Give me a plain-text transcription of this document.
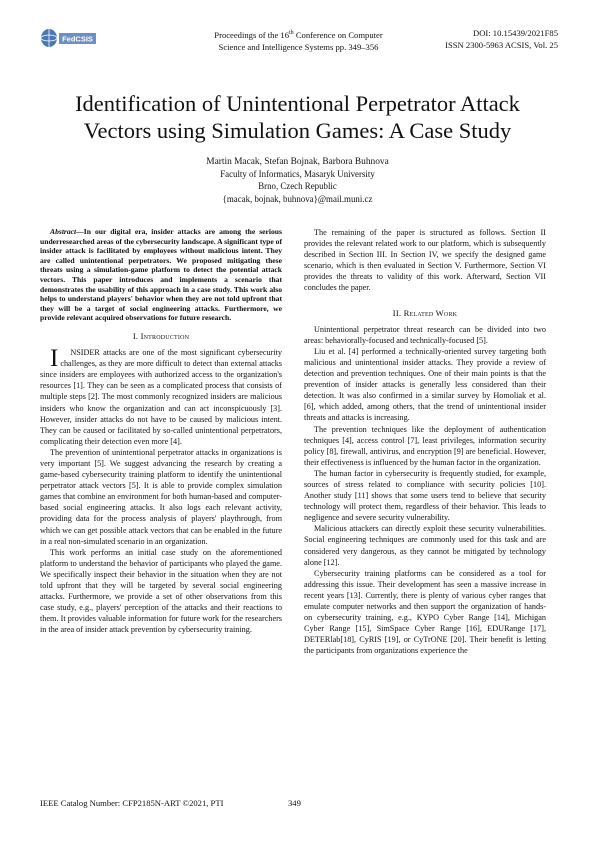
FedCSIS	Proceedings of the 16th Conference on Computer
Science and Intelligence Systems pp. 349–356
DOI: 10.15439/2021F85
ISSN 2300-5963 ACSIS, Vol. 25
Identification of Unintentional Perpetrator Attack
Vectors using Simulation Games: A Case Study
Martin Macak, Stefan Bojnak, Barbora Buhnova
Faculty of Informatics, Masaryk University
Brno, Czech Republic
{macak, bojnak, buhnova}@mail.muni.cz

Abstract—In our digital era, insider attacks are among the serious underresearched areas of the cybersecurity landscape. A significant type of insider attack is facilitated by employees without malicious intent. They are called unintentional perpetrators. We proposed mitigating these threats using a simulation-game platform to detect the potential attack vectors. This paper introduces and implements a scenario that demonstrates the usability of this approach in a case study. This work also helps to understand players' behavior when they are not told upfront that they will be a target of social engineering attacks. Furthermore, we provide relevant acquired observations for future research.

I. Introduction

I NSIDER attacks are one of the most significant cybersecurity challenges, as they are more difficult to detect than external attacks since insiders are employees with authorized access to the organization's resources [1]. They can be seen as a complicated process that consists of multiple steps [2]. The most commonly recognized insiders are malicious insiders who know the organization and can act inconspicuously [3]. However, insider attacks do not have to be caused by malicious intent. They can be caused or facilitated by so-called unintentional perpetrators, complicating their detection even more [4].

The prevention of unintentional perpetrator attacks in organizations is very important [5]. We suggest advancing the research by creating a game-based cybersecurity training platform to identify the unintentional perpetrator attack vectors [5]. It is able to provide complex simulation games that combine an environment for both human-based and computer-based social engineering attacks. It also logs each relevant activity, providing data for the process analysis of players' playthrough, from which we can get possible attack vectors that can be enabled in the future in a real non-simulated scenario in an organization.

This work performs an initial case study on the aforementioned platform to understand the behavior of participants who played the game. We specifically inspect their behavior in the situation when they are not told upfront that they will be targeted by several social engineering attacks. Furthermore, we provide a set of other observations from this case study, e.g., players' perception of the attacks and their reactions to them. It provides valuable information for future work for the researchers in the area of insider attack prevention by cybersecurity training.

The remaining of the paper is structured as follows. Section II provides the relevant related work to our platform, which is subsequently described in Section III. In Section IV, we specify the designed game scenario, which is then evaluated in Section V. Furthermore, Section VI provides the threats to validity of this work. Afterward, Section VII concludes the paper.

II. Related Work

Unintentional perpetrator threat research can be divided into two areas: behaviorally-focused and technically-focused [5].

Liu et al. [4] performed a technically-oriented survey targeting both malicious and unintentional insider attacks. They provide a review of detection and prevention techniques. One of their main points is that the prevention of insider attacks is generally less considered than their detection. It was also confirmed in a similar survey by Homoliak et al. [6], which added, among others, that the trend of unintentional insider threats and attacks is increasing.

The prevention techniques like the deployment of authentication techniques [4], access control [7], least privileges, information security policy [8], firewall, antivirus, and encryption [9] are beneficial. However, their effectiveness is influenced by the human factor in the organization.

The human factor in cybersecurity is frequently studied, for example, sources of stress related to compliance with security policies [10]. Another study [11] shows that some users tend to believe that security technology will protect them, regardless of their behavior. This leads to negligence and severe security vulnerability.

Malicious attackers can directly exploit these security vulnerabilities. Social engineering techniques are commonly used for this task and are considered very dangerous, as they cannot be mitigated by technology alone [12].

Cybersecurity training platforms can be considered as a tool for addressing this issue. Their development has seen a massive increase in recent years [13]. Currently, there is plenty of various cyber ranges that emulate computer networks and then support the organization of hands-on cybersecurity training, e.g., KYPO Cyber Range [14], Michigan Cyber Range [15], SimSpace Cyber Range [16], EDURange [17], DETERlab[18], CyRIS [19], or CyTrONE [20]. Their benefit is letting the participants from organizations experience the

IEEE Catalog Number: CFP2185N-ART ©2021, PTI	349
